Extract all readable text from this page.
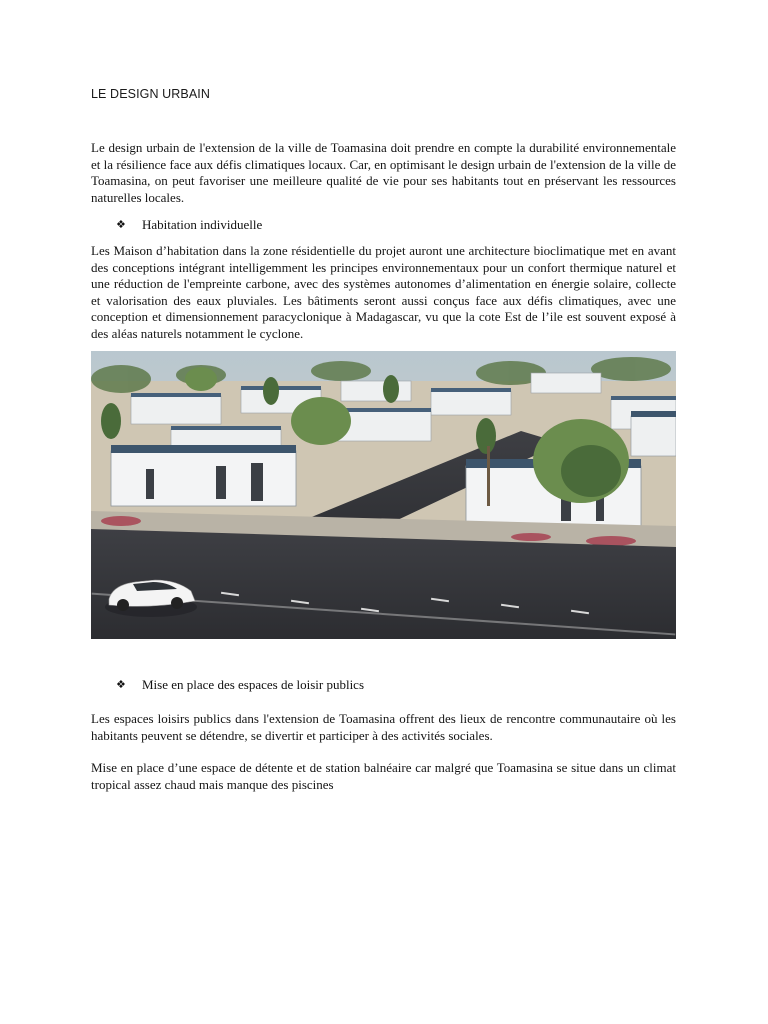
LE DESIGN URBAIN

Le design urbain de l'extension de la ville de Toamasina doit prendre en compte la durabilité environnementale et la résilience face aux défis climatiques locaux. Car, en optimisant le design urbain de l'extension de la ville de Toamasina, on peut favoriser une meilleure qualité de vie pour ses habitants tout en préservant les ressources naturelles locales.

❖ Habitation individuelle

Les Maison d’habitation dans la zone résidentielle du projet auront une architecture bioclimatique met en avant des conceptions intégrant intelligemment les principes environnementaux pour un confort thermique naturel et une réduction de l'empreinte carbone, avec des systèmes autonomes d’alimentation en énergie solaire, collecte et valorisation des eaux pluviales. Les bâtiments seront aussi conçus face aux défis climatiques, avec une conception et dimensionnement paracyclonique à Madagascar, vu que la cote Est de l’ile est souvent exposé à des aléas naturels notamment le cyclone.

❖ Mise en place des espaces de loisir publics

Les espaces loisirs publics dans l'extension de Toamasina offrent des lieux de rencontre communautaire où les habitants peuvent se détendre, se divertir et participer à des activités sociales.

Mise en place d’une espace de détente et de station balnéaire car malgré que Toamasina se situe dans un climat tropical assez chaud mais manque des piscines
